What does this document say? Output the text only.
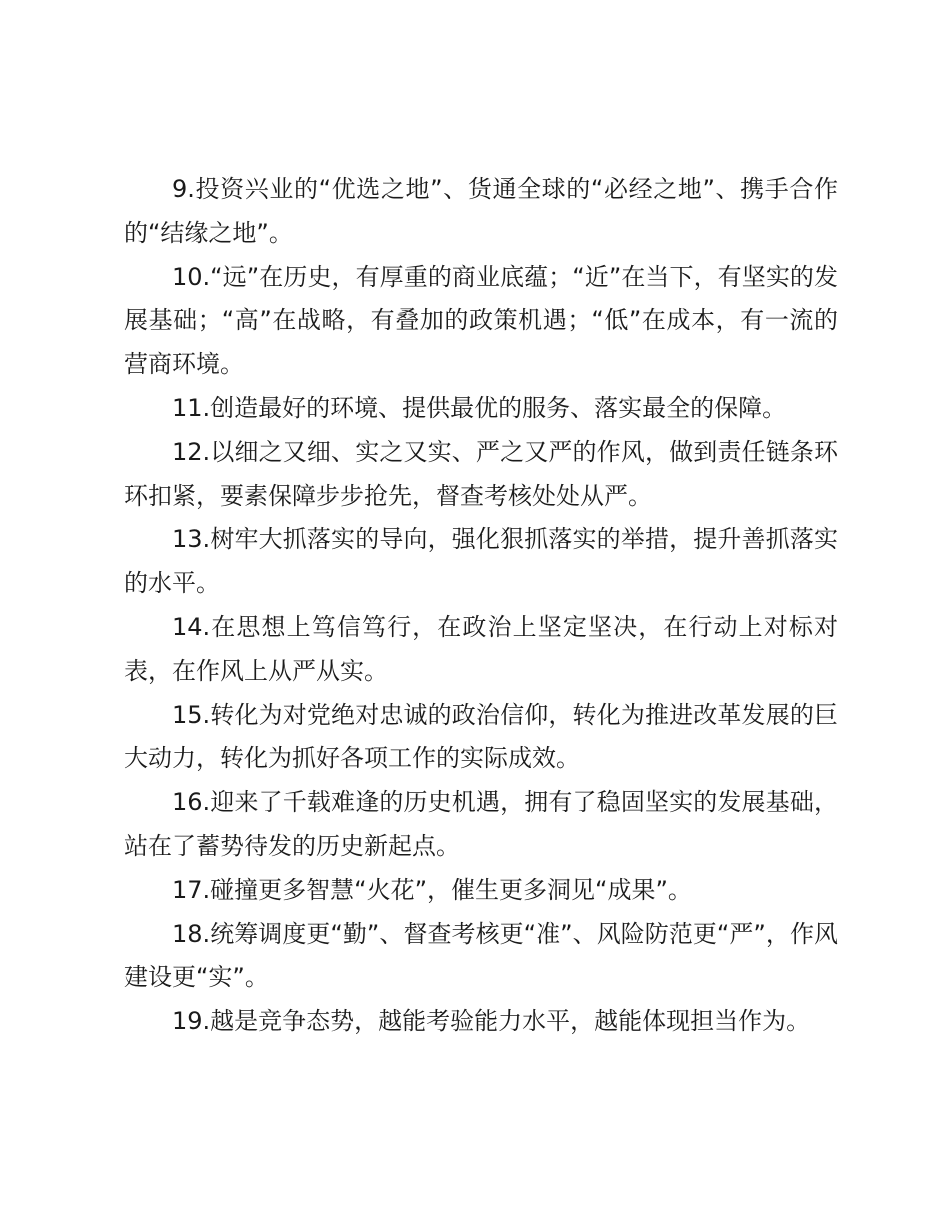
9.投资兴业的“优选之地”、货通全球的“必经之地”、携手合作的“结缘之地”。

10.“远”在历史，有厚重的商业底蕴；“近”在当下，有坚实的发展基础；“高”在战略，有叠加的政策机遇；“低”在成本，有一流的营商环境。

11.创造最好的环境、提供最优的服务、落实最全的保障。

12.以细之又细、实之又实、严之又严的作风，做到责任链条环环扣紧，要素保障步步抢先，督查考核处处从严。

13.树牢大抓落实的导向，强化狠抓落实的举措，提升善抓落实的水平。

14.在思想上笃信笃行，在政治上坚定坚决，在行动上对标对表，在作风上从严从实。

15.转化为对党绝对忠诚的政治信仰，转化为推进改革发展的巨大动力，转化为抓好各项工作的实际成效。

16.迎来了千载难逢的历史机遇，拥有了稳固坚实的发展基础，站在了蓄势待发的历史新起点。

17.碰撞更多智慧“火花”，催生更多洞见“成果”。

18.统筹调度更“勤”、督查考核更“准”、风险防范更“严”，作风建设更“实”。

19.越是竞争态势，越能考验能力水平，越能体现担当作为。
